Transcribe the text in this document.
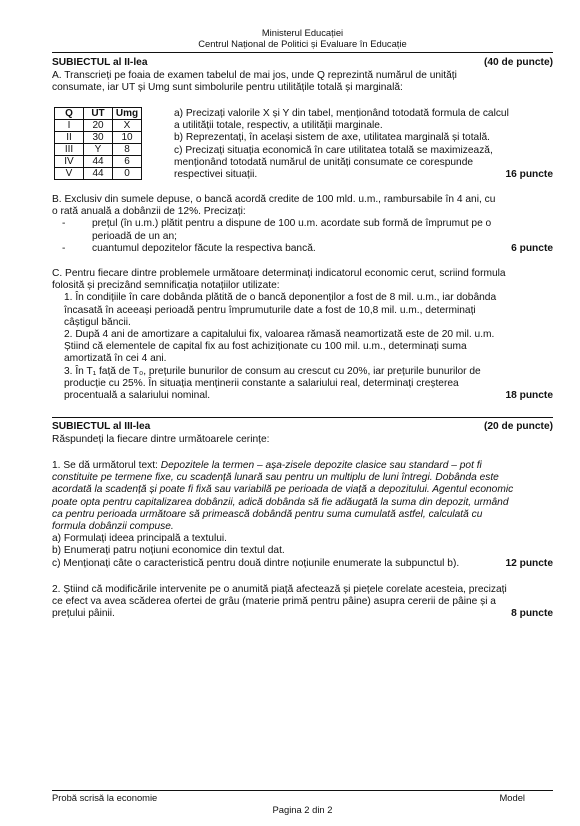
Ministerul Educației
Centrul Național de Politici și Evaluare în Educație
SUBIECTUL al II-lea	(40 de puncte)
A. Transcrieți pe foaia de examen tabelul de mai jos, unde Q reprezintă numărul de unități
consumate, iar UT și Umg sunt simbolurile pentru utilitățile totală și marginală:
Q	UT	Umg
I	20	X
II	30	10
III	Y	8
IV	44	6
V	44	0
a) Precizați valorile X și Y din tabel, menționând totodată formula de calcul
a utilității totale, respectiv, a utilității marginale.
b) Reprezentați, în același sistem de axe, utilitatea marginală și totală.
c) Precizați situația economică în care utilitatea totală se maximizează,
menționând totodată numărul de unități consumate ce corespunde
respectivei situații.	16 puncte
B. Exclusiv din sumele depuse, o bancă acordă credite de 100 mld. u.m., rambursabile în 4 ani, cu
o rată anuală a dobânzii de 12%. Precizați:
-	prețul (în u.m.) plătit pentru a dispune de 100 u.m. acordate sub formă de împrumut pe o
perioadă de un an;
-	cuantumul depozitelor făcute la respectiva bancă.	6 puncte
C. Pentru fiecare dintre problemele următoare determinați indicatorul economic cerut, scriind formula
folosită și precizând semnificația notațiilor utilizate:
1. În condițiile în care dobânda plătită de o bancă deponenților a fost de 8 mil. u.m., iar dobânda
încasată în aceeași perioadă pentru împrumuturile date a fost de 10,8 mil. u.m., determinați
câștigul băncii.
2. După 4 ani de amortizare a capitalului fix, valoarea rămasă neamortizată este de 20 mil. u.m.
Știind că elementele de capital fix au fost achiziționate cu 100 mil. u.m., determinați suma
amortizată în cei 4 ani.
3. În T₁ față de T₀, prețurile bunurilor de consum au crescut cu 20%, iar prețurile bunurilor de
producție cu 25%. În situația menținerii constante a salariului real, determinați creșterea
procentuală a salariului nominal.	18 puncte
SUBIECTUL al III-lea	(20 de puncte)
Răspundeți la fiecare dintre următoarele cerințe:
1. Se dă următorul text: Depozitele la termen – așa-zisele depozite clasice sau standard – pot fi
constituite pe termene fixe, cu scadență lunară sau pentru un multiplu de luni întregi. Dobânda este
acordată la scadență și poate fi fixă sau variabilă pe perioada de viață a depozitului. Agentul economic
poate opta pentru capitalizarea dobânzii, adică dobânda să fie adăugată la suma din depozit, urmând
ca pentru perioada următoare să primească dobândă pentru suma cumulată astfel, calculată cu
formula dobânzii compuse.
a) Formulați ideea principală a textului.
b) Enumerați patru noțiuni economice din textul dat.
c) Menționați câte o caracteristică pentru două dintre noțiunile enumerate la subpunctul b).	12 puncte
2. Știind că modificările intervenite pe o anumită piață afectează și piețele corelate acesteia, precizați
ce efect va avea scăderea ofertei de grâu (materie primă pentru pâine) asupra cererii de pâine și a
prețului pâinii.	8 puncte
Probă scrisă la economie	Model
Pagina 2 din 2
